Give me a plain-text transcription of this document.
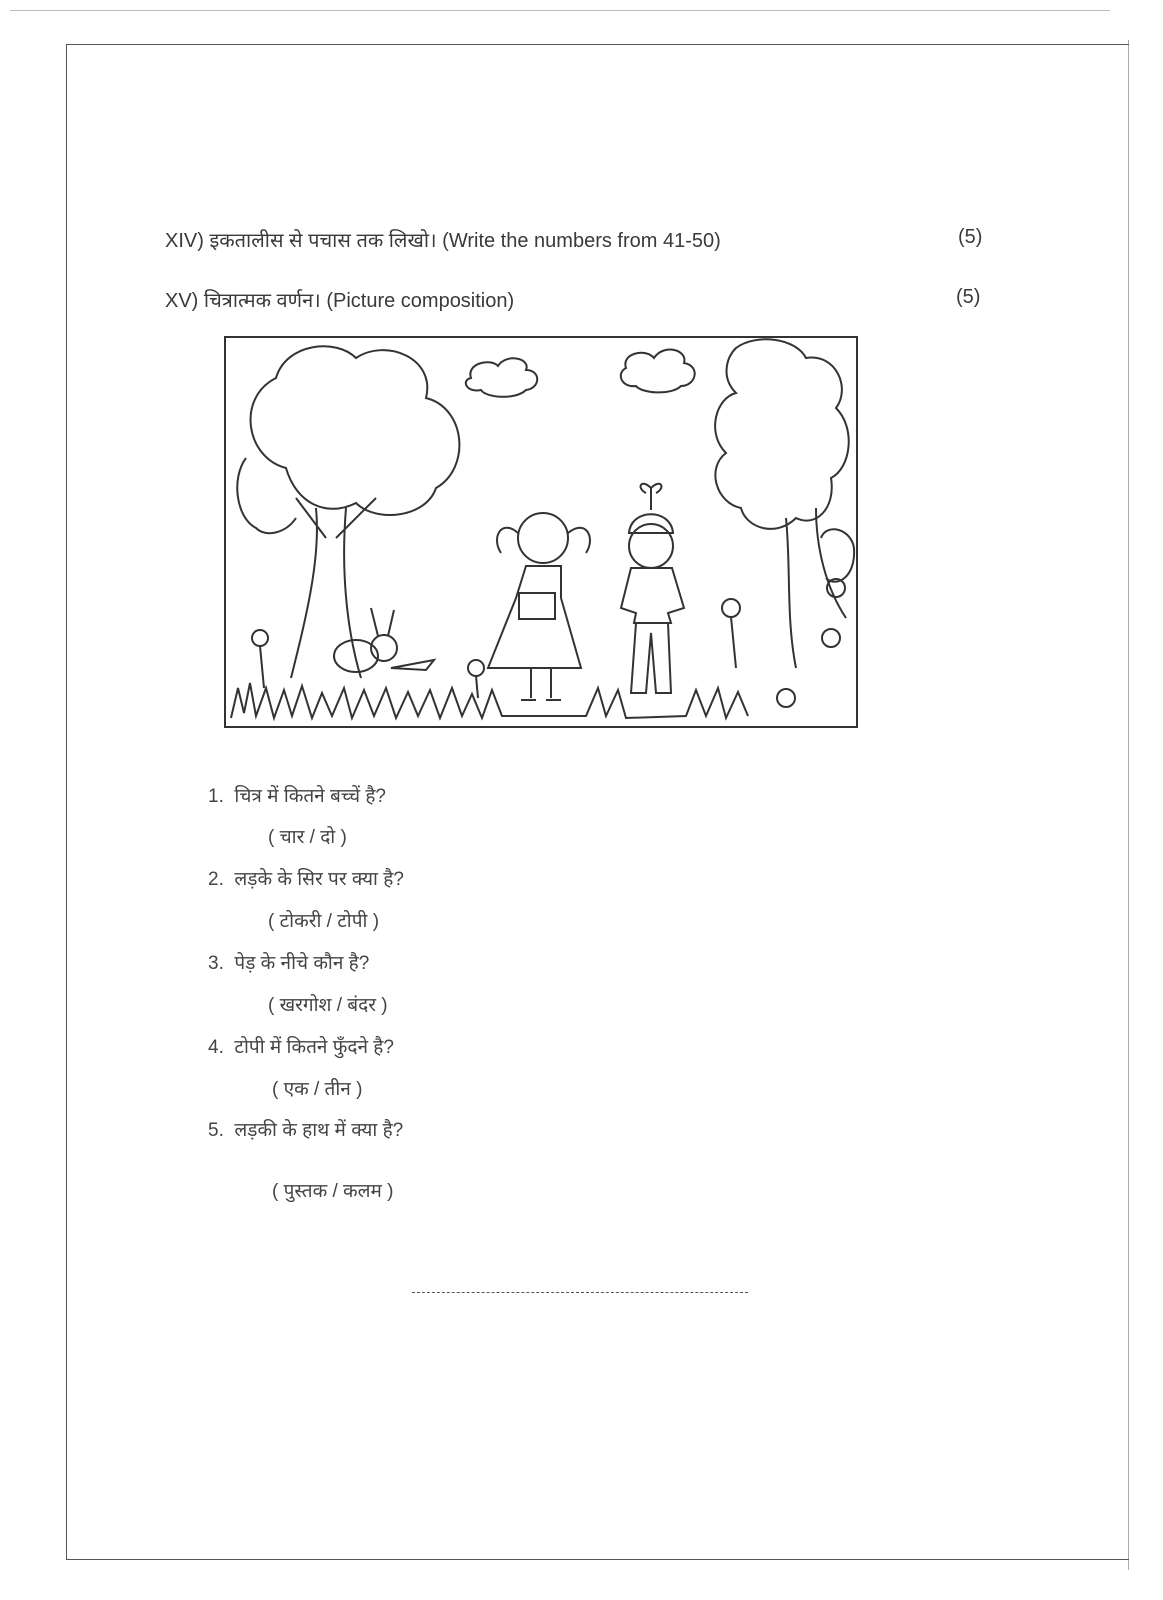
XIV) इकतालीस से पचास तक लिखो। (Write the numbers from 41-50)	(5)
XV) चित्रात्मक वर्णन। (Picture composition)	(5)
1. चित्र में कितने बच्चें है?
( चार / दो )
2. लड़के के सिर पर क्या है?
( टोकरी / टोपी )
3. पेड़ के नीचे कौन है?
( खरगोश / बंदर )
4. टोपी में कितने फुँदने है?
( एक / तीन )
5. लड़की के हाथ में क्या है?
( पुस्तक / कलम )
